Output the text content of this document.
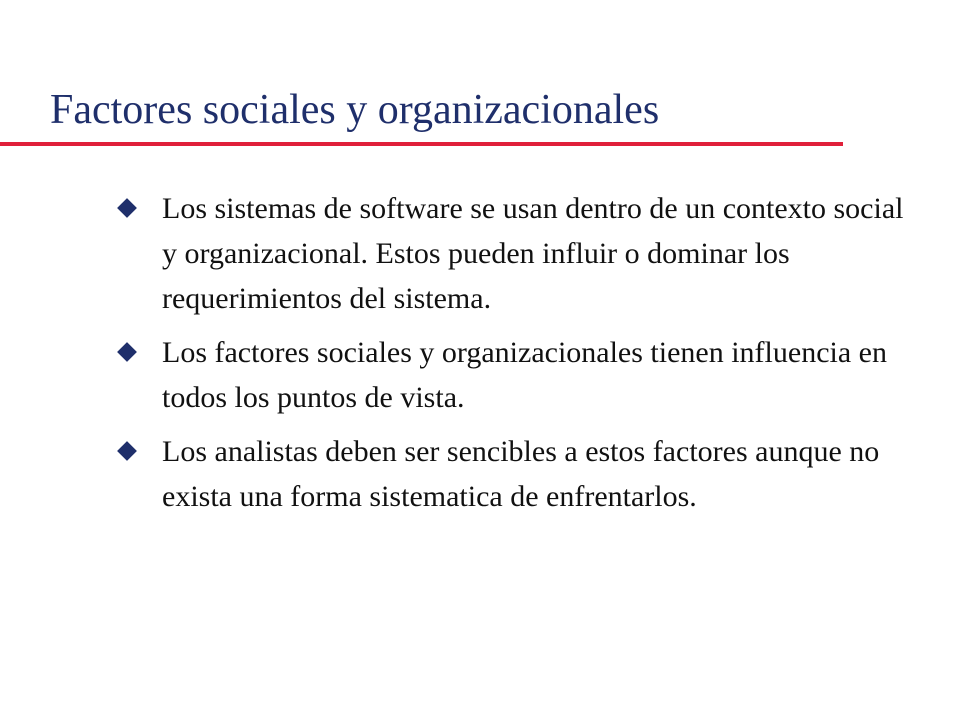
Factores sociales y organizacionales
Los sistemas de software se usan dentro de un contexto social y organizacional. Estos pueden influir o dominar los requerimientos del sistema.
Los factores sociales y organizacionales tienen influencia en todos los puntos de vista.
Los analistas deben ser sencibles a estos factores aunque no exista una forma sistematica de enfrentarlos.
